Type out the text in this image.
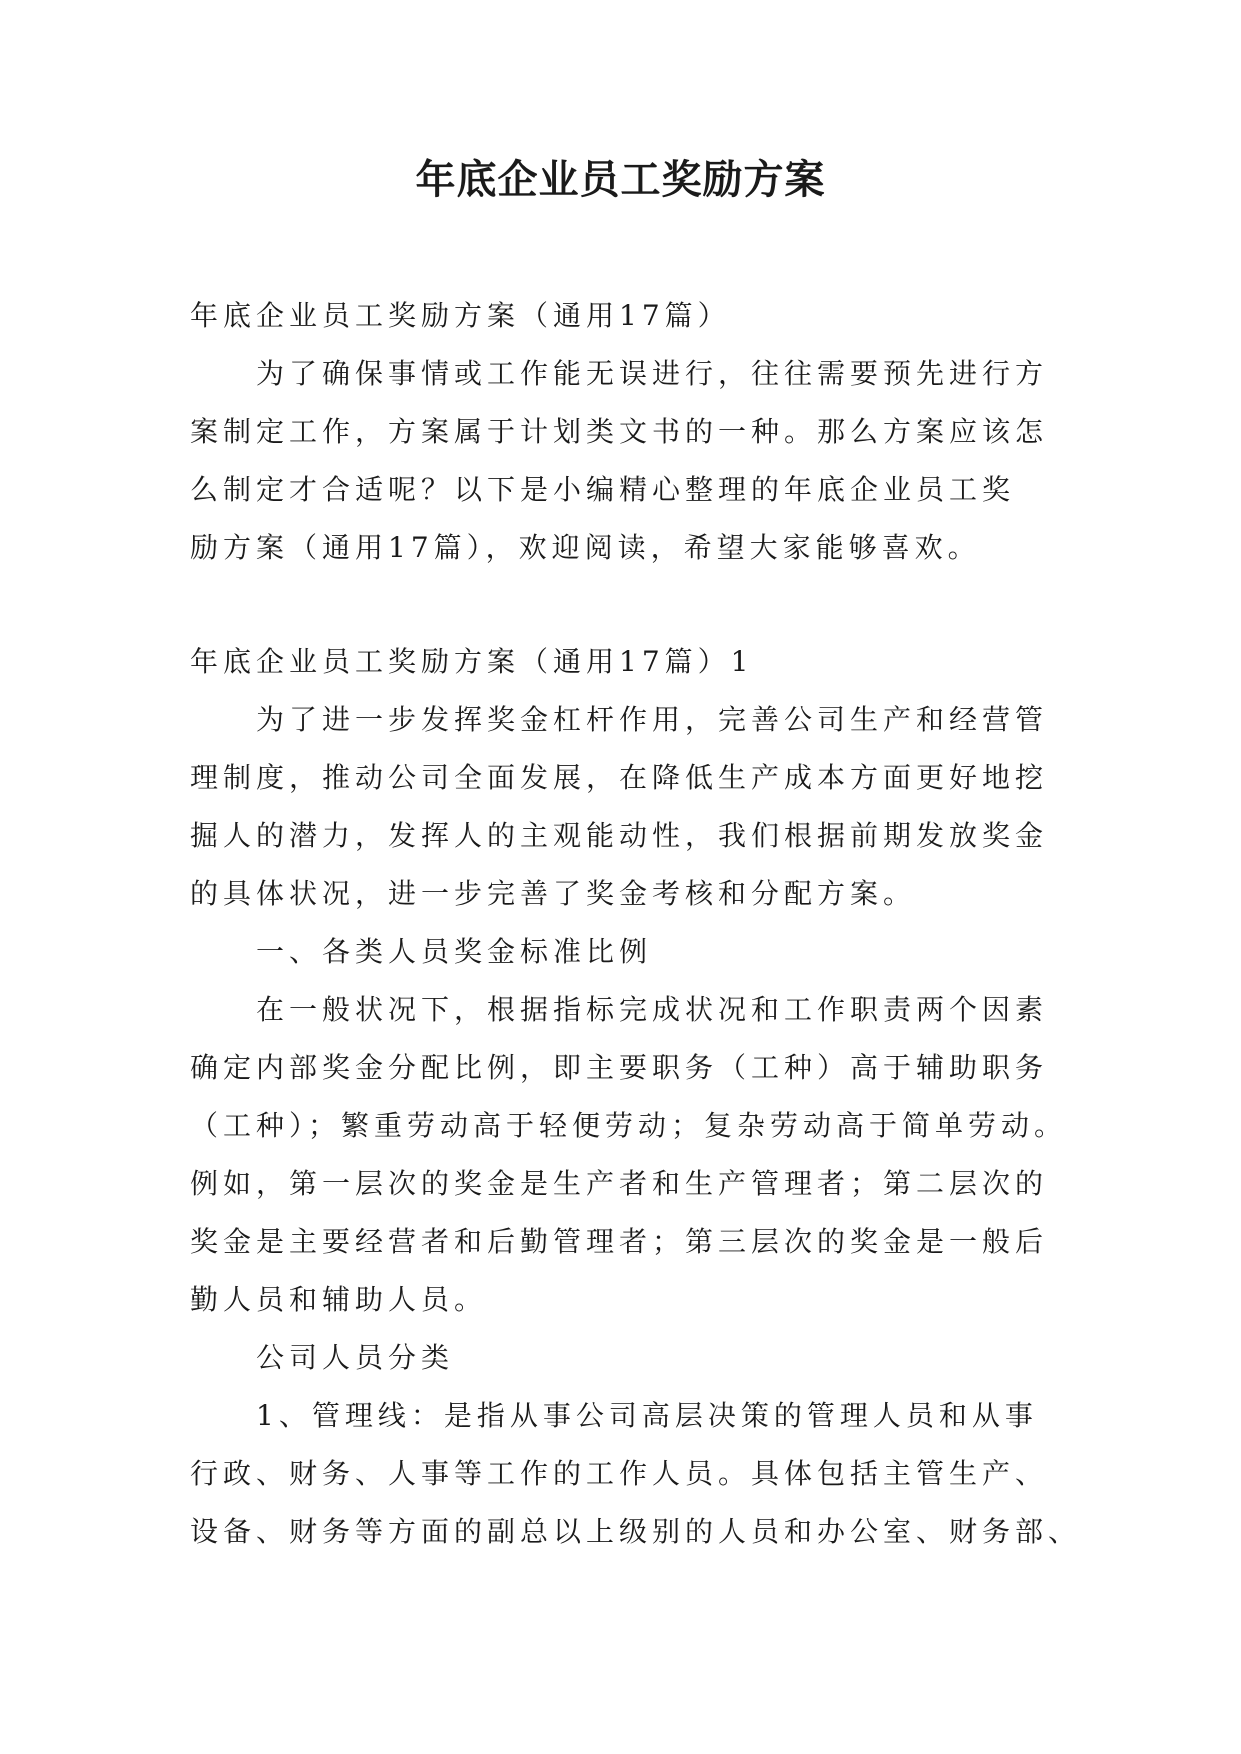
年底企业员工奖励方案

年底企业员工奖励方案（通用17篇）

为了确保事情或工作能无误进行，往往需要预先进行方

案制定工作，方案属于计划类文书的一种。那么方案应该怎

么制定才合适呢？以下是小编精心整理的年底企业员工奖

励方案（通用17篇），欢迎阅读，希望大家能够喜欢。

年底企业员工奖励方案（通用17篇）1

为了进一步发挥奖金杠杆作用，完善公司生产和经营管

理制度，推动公司全面发展，在降低生产成本方面更好地挖

掘人的潜力，发挥人的主观能动性，我们根据前期发放奖金

的具体状况，进一步完善了奖金考核和分配方案。

一、各类人员奖金标准比例

在一般状况下，根据指标完成状况和工作职责两个因素

确定内部奖金分配比例，即主要职务（工种）高于辅助职务

（工种）；繁重劳动高于轻便劳动；复杂劳动高于简单劳动。

例如，第一层次的奖金是生产者和生产管理者；第二层次的

奖金是主要经营者和后勤管理者；第三层次的奖金是一般后

勤人员和辅助人员。

公司人员分类

1、管理线：是指从事公司高层决策的管理人员和从事

行政、财务、人事等工作的工作人员。具体包括主管生产、

设备、财务等方面的副总以上级别的人员和办公室、财务部、
